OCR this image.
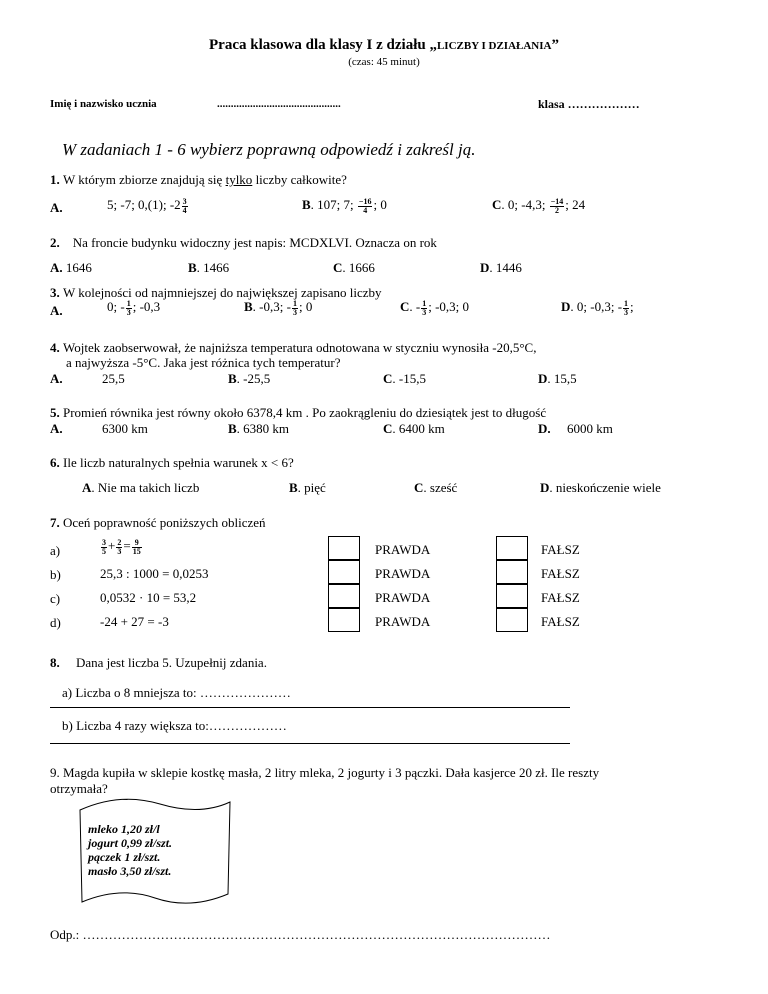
Praca klasowa dla klasy I z działu „LICZBY I DZIAŁANIA”
(czas: 45 minut)
Imię i nazwisko ucznia	.............................................	klasa ………………
W zadaniach 1 - 6 wybierz poprawną odpowiedź i zakreśl ją.
1. W którym zbiorze znajdują się tylko liczby całkowite?
A.	5; -7; 0,(1); $-2 \frac{3}{4}$	B. 107; 7; $\frac{-16}{4}$ ; 0	C. 0; -4,3; $\frac{-14}{2}$ ; 24
2. Na froncie budynku widoczny jest napis: MCDXLVI. Oznacza on rok
A. 1646	B. 1466	C. 1666	D. 1446
3. W kolejności od najmniejszej do największej zapisano liczby
A.	0; - $\frac{1}{3}$ ; -0,3	B. -0,3; - $\frac{1}{3}$ ; 0	C. - $\frac{1}{3}$ ; -0,3; 0	D. 0; -0,3; - $\frac{1}{3}$ ;
4. Wojtek zaobserwował, że najniższa temperatura odnotowana w styczniu wynosiła -20,5°C,
a najwyższa -5°C. Jaka jest różnica tych temperatur?
A.	25,5	B. -25,5	C. -15,5	D. 15,5
5. Promień równika jest równy około 6378,4 km . Po zaokrągleniu do dziesiątek jest to długość
A.	6300 km	B. 6380 km	C. 6400 km	D. 6000 km
6. Ile liczb naturalnych spełnia warunek x < 6?
A. Nie ma takich liczb	B. pięć	C. sześć	D. nieskończenie wiele
7. Oceń poprawność poniższych obliczeń
a)	$\frac{3}{5} + \frac{2}{3} = \frac{9}{15}$	PRAWDA	FAŁSZ
b)	25,3 : 1000 = 0,0253	PRAWDA	FAŁSZ
c)	0,0532 · 10 = 53,2	PRAWDA	FAŁSZ
d)	-24 + 27 = -3	PRAWDA	FAŁSZ
8. Dana jest liczba 5. Uzupełnij zdania.
a) Liczba o 8 mniejsza to: …………………
b) Liczba 4 razy większa to:………………
9. Magda kupiła w sklepie kostkę masła, 2 litry mleka, 2 jogurty i 3 pączki. Dała kasjerce 20 zł. Ile reszty
otrzymała?
mleko 1,20 zł/l
jogurt 0,99 zł/szt.
pączek 1 zł/szt.
masło 3,50 zł/szt.
Odp.: ………………………………………………………………………………………………
